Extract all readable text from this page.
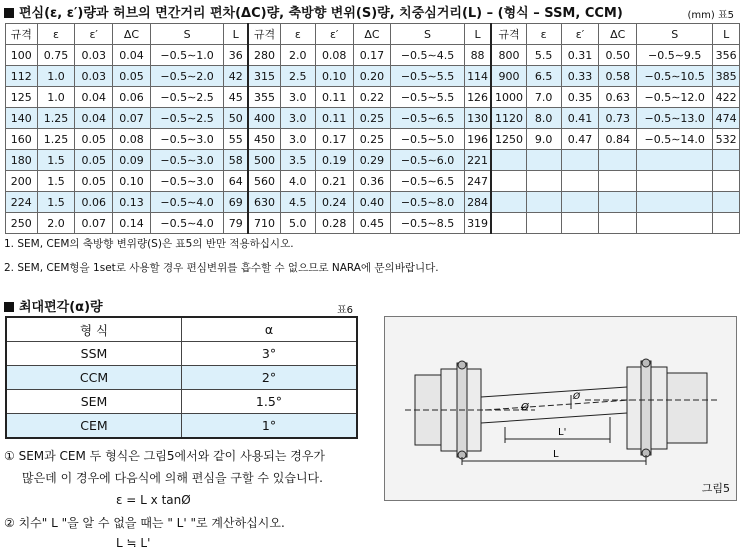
편심(ε, ε′)량과 허브의 면간거리 편차(ΔC)량, 축방향 변위(S)량, 치중심거리(L) – (형식 – SSM, CCM)	(mm) 표5
규격	ε	ε′	ΔC	S	L	규격	ε	ε′	ΔC	S	L	규격	ε	ε′	ΔC	S	L
100	0.75	0.03	0.04	−0.5∼1.0	36	280	2.0	0.08	0.17	−0.5∼4.5	88	800	5.5	0.31	0.50	−0.5∼9.5	356
112	1.0	0.03	0.05	−0.5∼2.0	42	315	2.5	0.10	0.20	−0.5∼5.5	114	900	6.5	0.33	0.58	−0.5∼10.5	385
125	1.0	0.04	0.06	−0.5∼2.5	45	355	3.0	0.11	0.22	−0.5∼5.5	126	1000	7.0	0.35	0.63	−0.5∼12.0	422
140	1.25	0.04	0.07	−0.5∼2.5	50	400	3.0	0.11	0.25	−0.5∼6.5	130	1120	8.0	0.41	0.73	−0.5∼13.0	474
160	1.25	0.05	0.08	−0.5∼3.0	55	450	3.0	0.17	0.25	−0.5∼5.0	196	1250	9.0	0.47	0.84	−0.5∼14.0	532
180	1.5	0.05	0.09	−0.5∼3.0	58	500	3.5	0.19	0.29	−0.5∼6.0	221						
200	1.5	0.05	0.10	−0.5∼3.0	64	560	4.0	0.21	0.36	−0.5∼6.5	247						
224	1.5	0.06	0.13	−0.5∼4.0	69	630	4.5	0.24	0.40	−0.5∼8.0	284						
250	2.0	0.07	0.14	−0.5∼4.0	79	710	5.0	0.28	0.45	−0.5∼8.5	319						
1. SEM, CEM의 축방향 변위량(S)은 표5의 반만 적용하십시오.
2. SEM, CEM형을 1set로 사용할 경우 편심변위를 흡수할 수 없으므로 NARA에 문의바랍니다.
최대편각(α)량	표6
형 식	α
SSM	3°
CCM	2°
SEM	1.5°
CEM	1°
① SEM과 CEM 두 형식은 그림5에서와 같이 사용되는 경우가
많은데 이 경우에 다음식에 의해 편심을 구할 수 있습니다.
ε = L x tanØ
② 치수" L "을 알 수 없을 때는 " L' "로 계산하십시오.
L ≒ L'
L'
L
Ø
Ø
그림5
